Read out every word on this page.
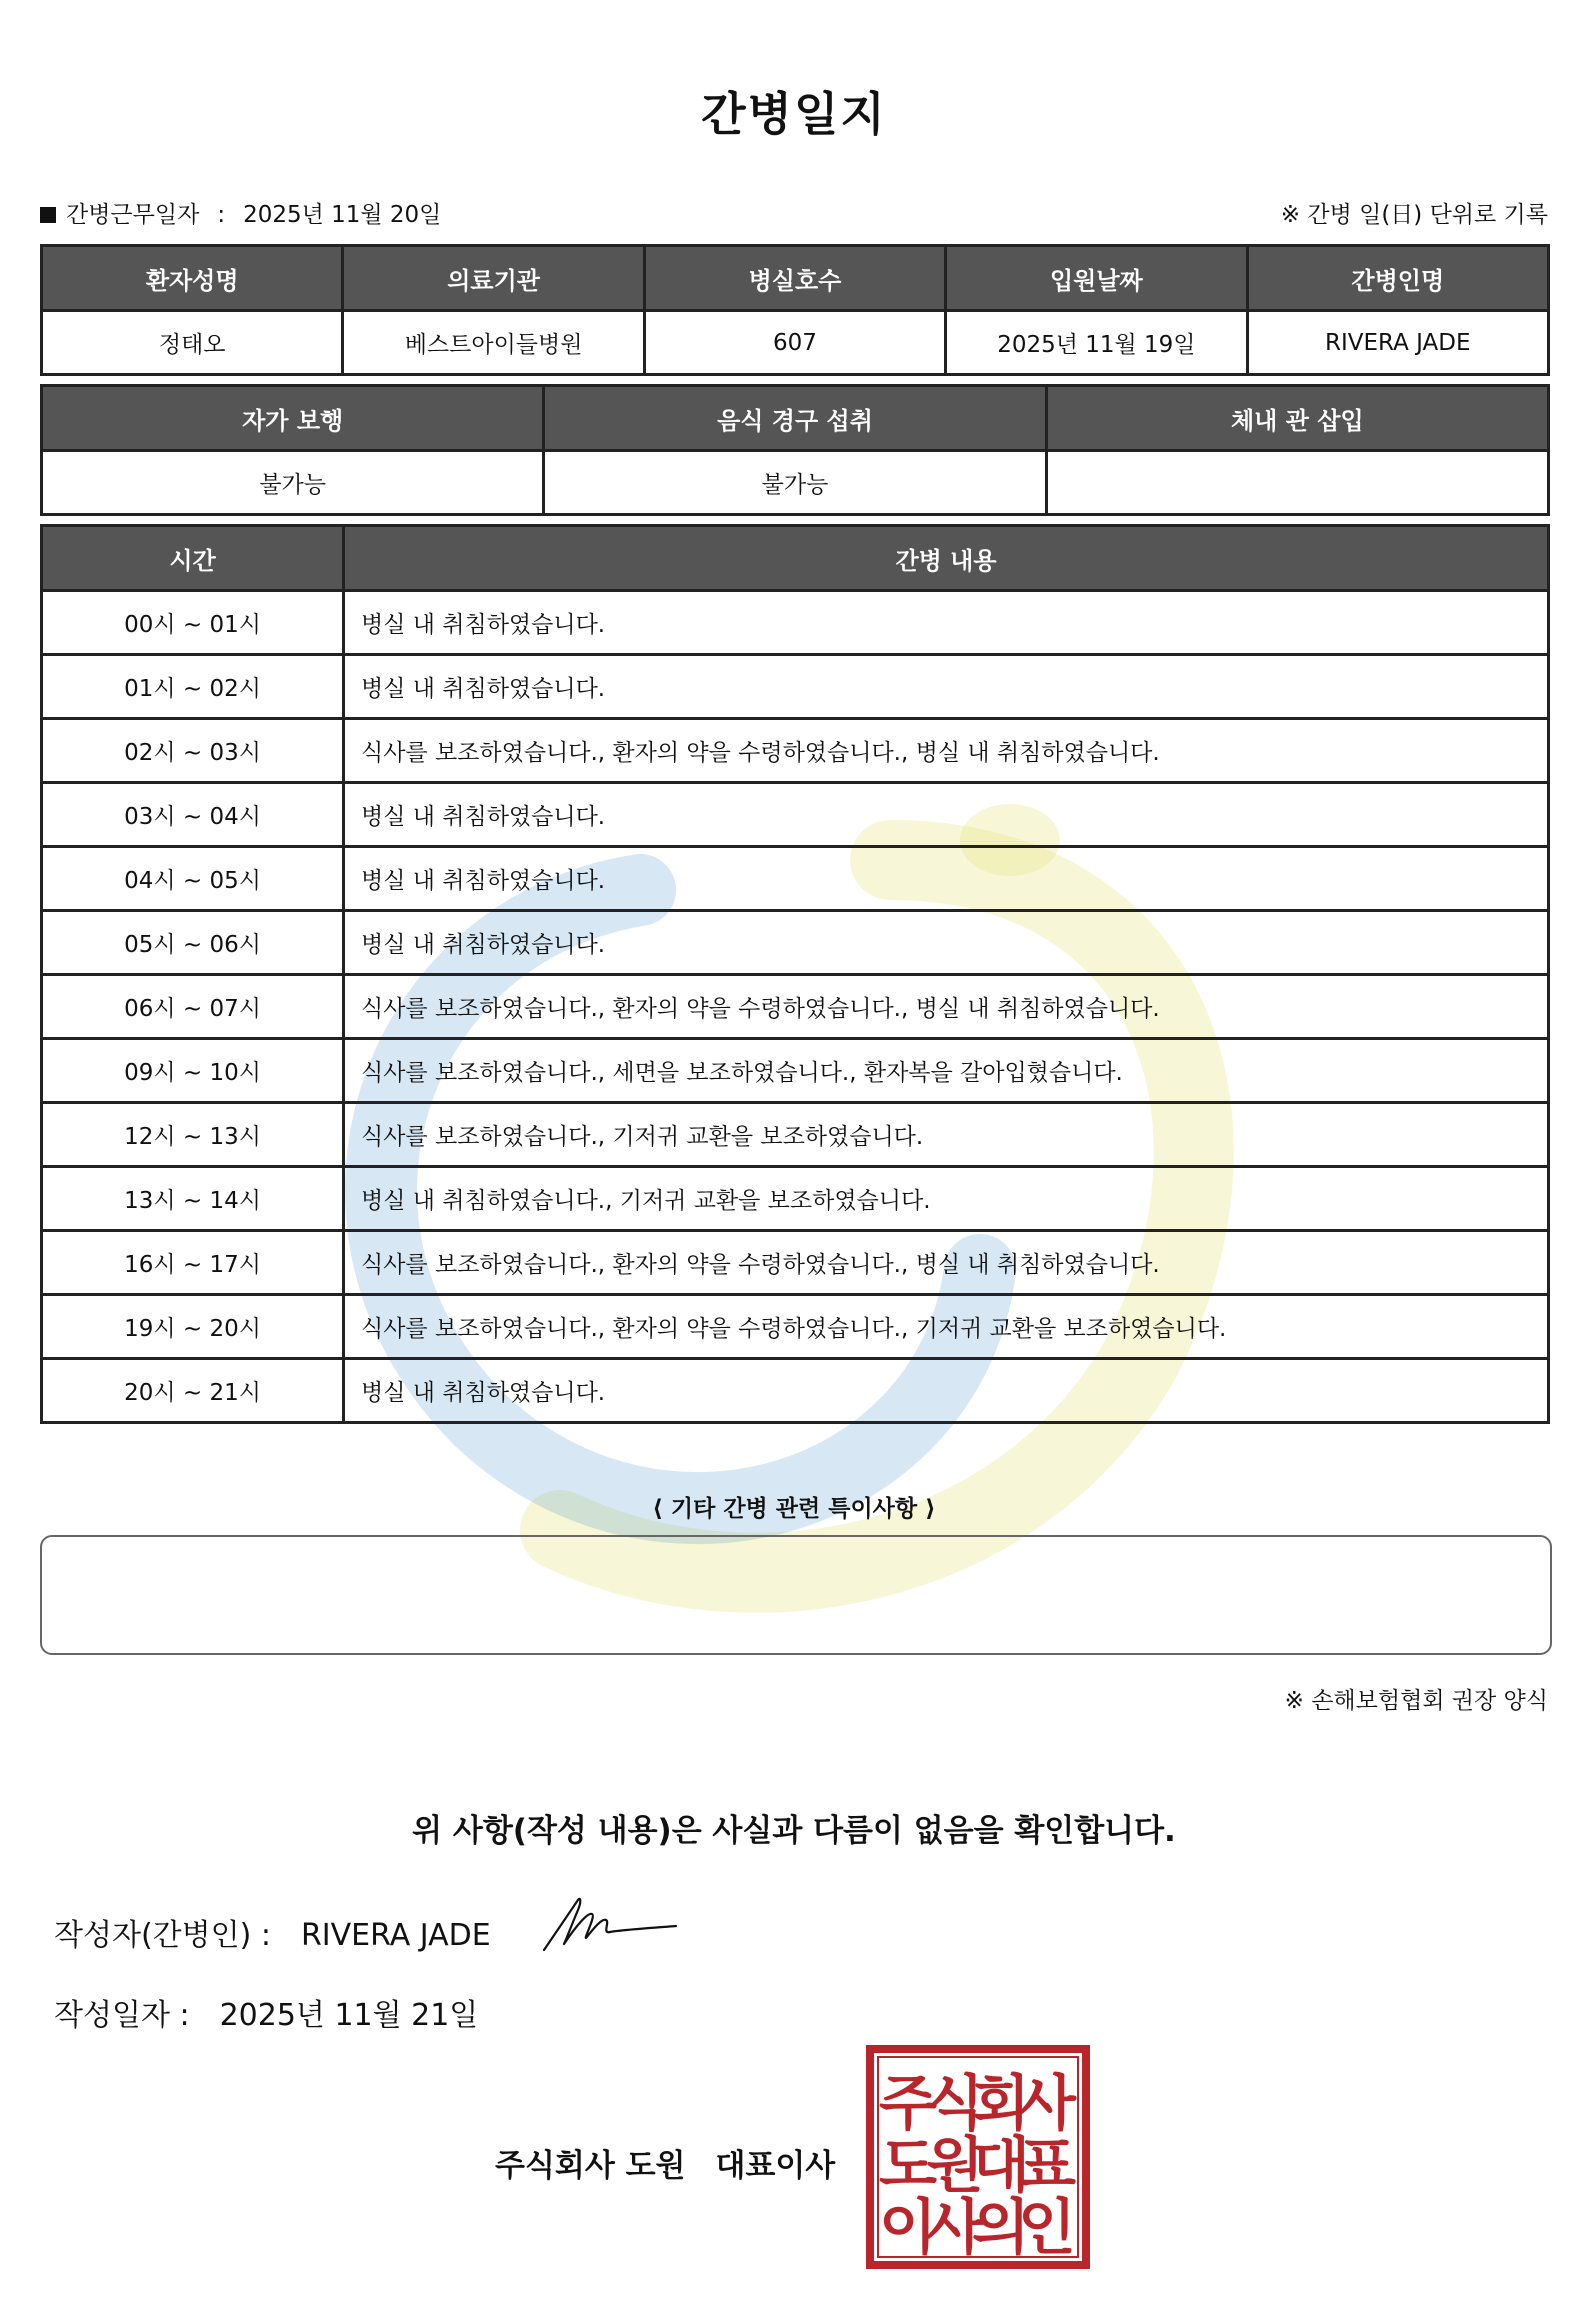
간병일지
간병근무일자 : 2025년 11월 20일	※ 간병 일(日) 단위로 기록
환자성명	의료기관	병실호수	입원날짜	간병인명
정태오	베스트아이들병원	607	2025년 11월 19일	RIVERA JADE
자가 보행	음식 경구 섭취	체내 관 삽입
불가능	불가능	
시간	간병 내용
00시 ~ 01시	병실 내 취침하였습니다.
01시 ~ 02시	병실 내 취침하였습니다.
02시 ~ 03시	식사를 보조하였습니다., 환자의 약을 수령하였습니다., 병실 내 취침하였습니다.
03시 ~ 04시	병실 내 취침하였습니다.
04시 ~ 05시	병실 내 취침하였습니다.
05시 ~ 06시	병실 내 취침하였습니다.
06시 ~ 07시	식사를 보조하였습니다., 환자의 약을 수령하였습니다., 병실 내 취침하였습니다.
09시 ~ 10시	식사를 보조하였습니다., 세면을 보조하였습니다., 환자복을 갈아입혔습니다.
12시 ~ 13시	식사를 보조하였습니다., 기저귀 교환을 보조하였습니다.
13시 ~ 14시	병실 내 취침하였습니다., 기저귀 교환을 보조하였습니다.
16시 ~ 17시	식사를 보조하였습니다., 환자의 약을 수령하였습니다., 병실 내 취침하였습니다.
19시 ~ 20시	식사를 보조하였습니다., 환자의 약을 수령하였습니다., 기저귀 교환을 보조하였습니다.
20시 ~ 21시	병실 내 취침하였습니다.
⟨ 기타 간병 관련 특이사항 ⟩
※ 손해보험협회 권장 양식
위 사항(작성 내용)은 사실과 다름이 없음을 확인합니다.
작성자(간병인) : RIVERA JADE
작성일자 : 2025년 11월 21일
주식회사 도원 대표이사
주
식
회
사
도
원
대
표
이
사
의
인
